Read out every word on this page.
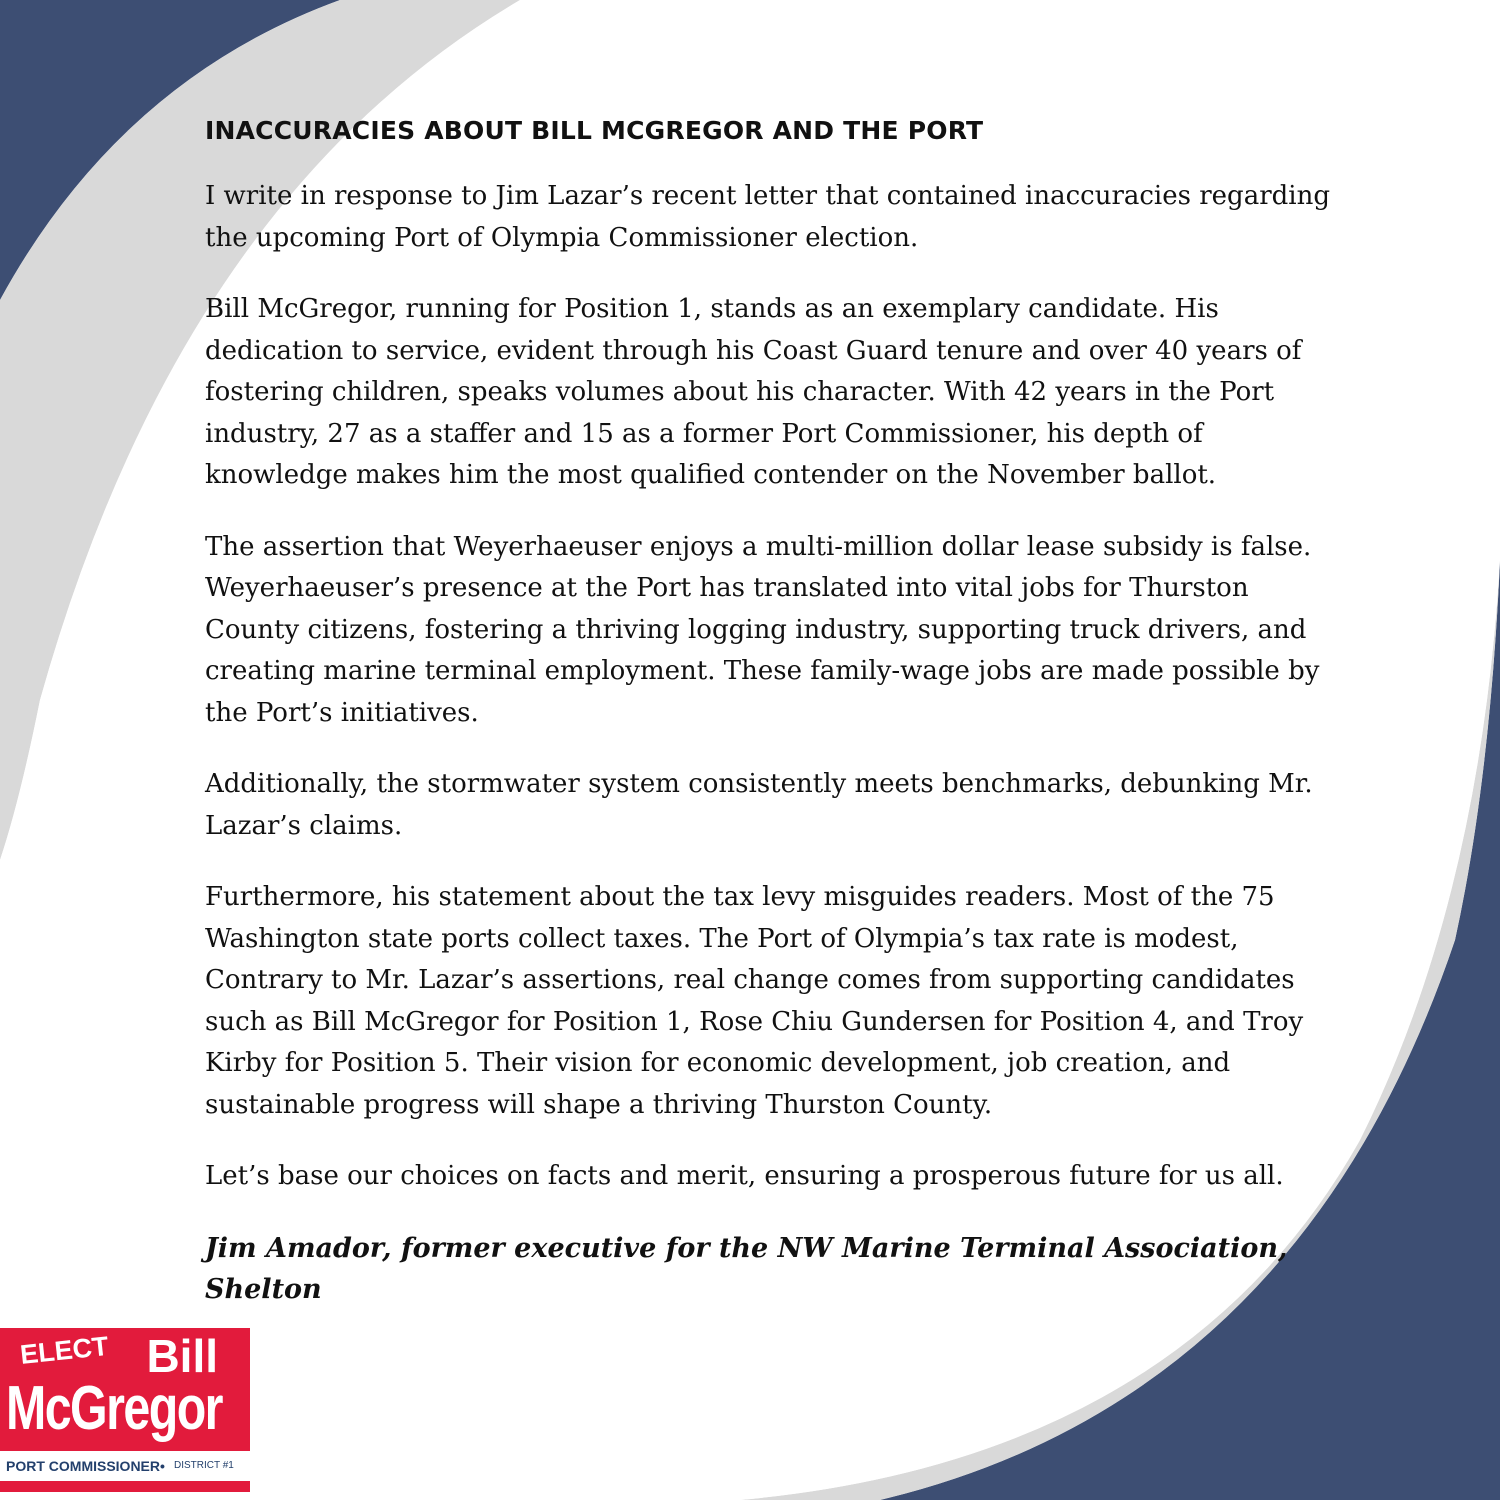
INACCURACIES ABOUT BILL MCGREGOR AND THE PORT

I write in response to Jim Lazar’s recent letter that contained inaccuracies regarding the upcoming Port of Olympia Commissioner election.

Bill McGregor, running for Position 1, stands as an exemplary candidate. His dedication to service, evident through his Coast Guard tenure and over 40 years of fostering children, speaks volumes about his character. With 42 years in the Port industry, 27 as a staffer and 15 as a former Port Commissioner, his depth of knowledge makes him the most qualified contender on the November ballot.

The assertion that Weyerhaeuser enjoys a multi-million dollar lease subsidy is false. Weyerhaeuser’s presence at the Port has translated into vital jobs for Thurston County citizens, fostering a thriving logging industry, supporting truck drivers, and creating marine terminal employment. These family-wage jobs are made possible by the Port’s initiatives.

Additionally, the stormwater system consistently meets benchmarks, debunking Mr. Lazar’s claims.

Furthermore, his statement about the tax levy misguides readers. Most of the 75 Washington state ports collect taxes. The Port of Olympia’s tax rate is modest, Contrary to Mr. Lazar’s assertions, real change comes from supporting candidates such as Bill McGregor for Position 1, Rose Chiu Gundersen for Position 4, and Troy Kirby for Position 5. Their vision for economic development, job creation, and sustainable progress will shape a thriving Thurston County.

Let’s base our choices on facts and merit, ensuring a prosperous future for us all.

Jim Amador, former executive for the NW Marine Terminal Association, Shelton

ELECT Bill
McGregor
PORT COMMISSIONER• DISTRICT #1
